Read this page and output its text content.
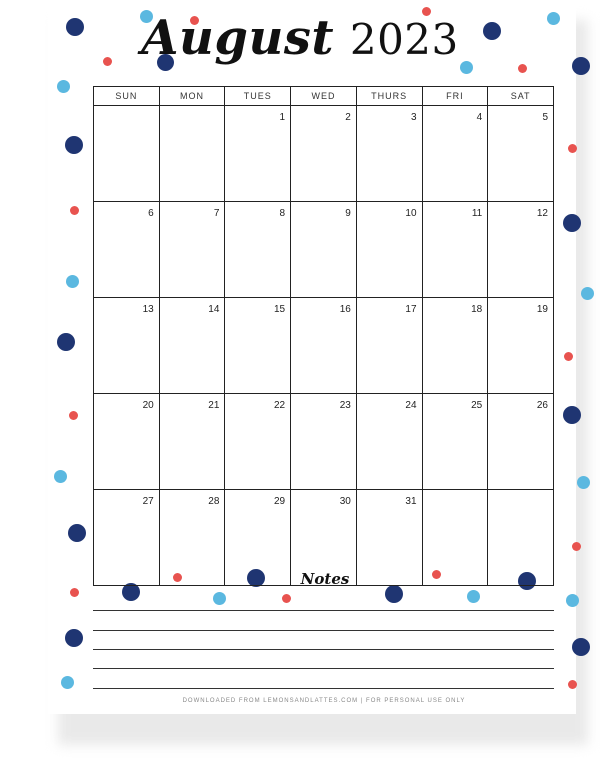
August 2023
SUN	MON	TUES	WED	THURS	FRI	SAT
		1	2	3	4	5
6	7	8	9	10	11	12
13	14	15	16	17	18	19
20	21	22	23	24	25	26
27	28	29	30	31		
Notes
DOWNLOADED FROM LEMONSANDLATTES.COM | FOR PERSONAL USE ONLY
